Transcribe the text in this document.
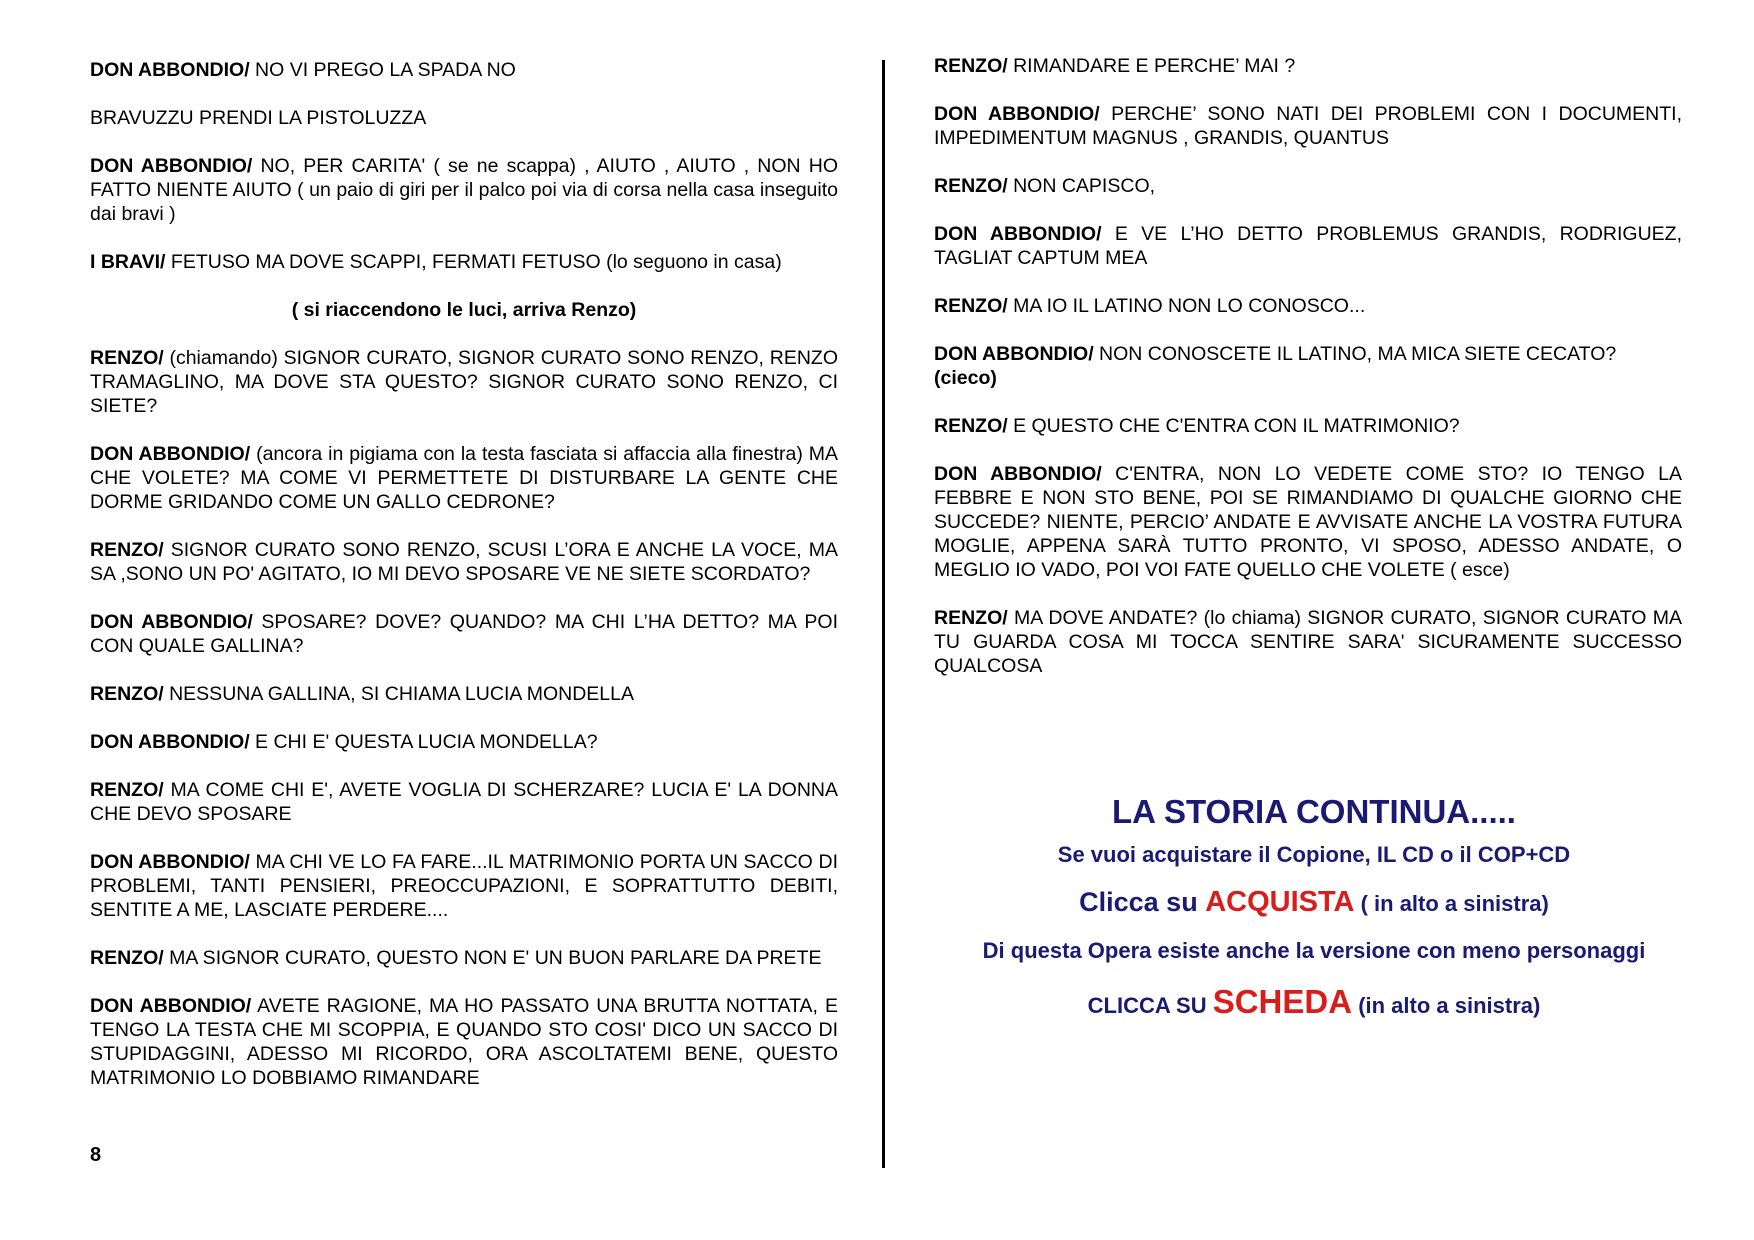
DON ABBONDIO/ NO VI PREGO LA SPADA NO
BRAVUZZU PRENDI LA PISTOLUZZA
DON ABBONDIO/ NO, PER CARITA' ( se ne scappa) , AIUTO , AIUTO , NON HO FATTO NIENTE AIUTO ( un paio di giri per il palco poi via di corsa nella casa inseguito dai bravi )
I BRAVI/ FETUSO MA DOVE SCAPPI, FERMATI FETUSO (lo seguono in casa)
( si riaccendono le luci, arriva Renzo)
RENZO/ (chiamando) SIGNOR CURATO, SIGNOR CURATO SONO RENZO, RENZO TRAMAGLINO, MA DOVE STA QUESTO? SIGNOR CURATO SONO RENZO, CI SIETE?
DON ABBONDIO/ (ancora in pigiama con la testa fasciata si affaccia alla finestra) MA CHE VOLETE? MA COME VI PERMETTETE DI DISTURBARE LA GENTE CHE DORME GRIDANDO COME UN GALLO CEDRONE?
RENZO/ SIGNOR CURATO SONO RENZO, SCUSI L’ORA E ANCHE LA VOCE, MA SA ,SONO UN PO' AGITATO, IO MI DEVO SPOSARE VE NE SIETE SCORDATO?
DON ABBONDIO/ SPOSARE? DOVE? QUANDO? MA CHI L’HA DETTO? MA POI CON QUALE GALLINA?
RENZO/ NESSUNA GALLINA, SI CHIAMA LUCIA MONDELLA
DON ABBONDIO/ E CHI E' QUESTA LUCIA MONDELLA?
RENZO/ MA COME CHI E', AVETE VOGLIA DI SCHERZARE? LUCIA E' LA DONNA CHE DEVO SPOSARE
DON ABBONDIO/ MA CHI VE LO FA FARE...IL MATRIMONIO PORTA UN SACCO DI PROBLEMI, TANTI PENSIERI, PREOCCUPAZIONI, E SOPRATTUTTO DEBITI, SENTITE A ME, LASCIATE PERDERE....
RENZO/ MA SIGNOR CURATO, QUESTO NON E' UN BUON PARLARE DA PRETE
DON ABBONDIO/ AVETE RAGIONE, MA HO PASSATO UNA BRUTTA NOTTATA, E TENGO LA TESTA CHE MI SCOPPIA, E QUANDO STO COSI' DICO UN SACCO DI STUPIDAGGINI, ADESSO MI RICORDO, ORA ASCOLTATEMI BENE, QUESTO MATRIMONIO LO DOBBIAMO RIMANDARE
RENZO/ RIMANDARE E PERCHE’ MAI ?
DON ABBONDIO/ PERCHE’ SONO NATI DEI PROBLEMI CON I DOCUMENTI, IMPEDIMENTUM MAGNUS , GRANDIS, QUANTUS
RENZO/ NON CAPISCO,
DON ABBONDIO/ E VE L’HO DETTO PROBLEMUS GRANDIS, RODRIGUEZ, TAGLIAT CAPTUM MEA
RENZO/ MA IO IL LATINO NON LO CONOSCO...
DON ABBONDIO/ NON CONOSCETE IL LATINO, MA MICA SIETE CECATO?
(cieco)
RENZO/ E QUESTO CHE C'ENTRA CON IL MATRIMONIO?
DON ABBONDIO/ C'ENTRA, NON LO VEDETE COME STO? IO TENGO LA FEBBRE E NON STO BENE, POI SE RIMANDIAMO DI QUALCHE GIORNO CHE SUCCEDE? NIENTE, PERCIO’ ANDATE E AVVISATE ANCHE LA VOSTRA FUTURA MOGLIE, APPENA SARÀ TUTTO PRONTO, VI SPOSO, ADESSO ANDATE, O MEGLIO IO VADO, POI VOI FATE QUELLO CHE VOLETE ( esce)
RENZO/ MA DOVE ANDATE? (lo chiama) SIGNOR CURATO, SIGNOR CURATO MA TU GUARDA COSA MI TOCCA SENTIRE SARA' SICURAMENTE SUCCESSO QUALCOSA
8
LA STORIA CONTINUA.....
Se vuoi acquistare il Copione, IL CD o il COP+CD
Clicca su ACQUISTA ( in alto a sinistra)
Di questa Opera esiste anche la versione con meno personaggi
CLICCA SU SCHEDA (in alto a sinistra)
